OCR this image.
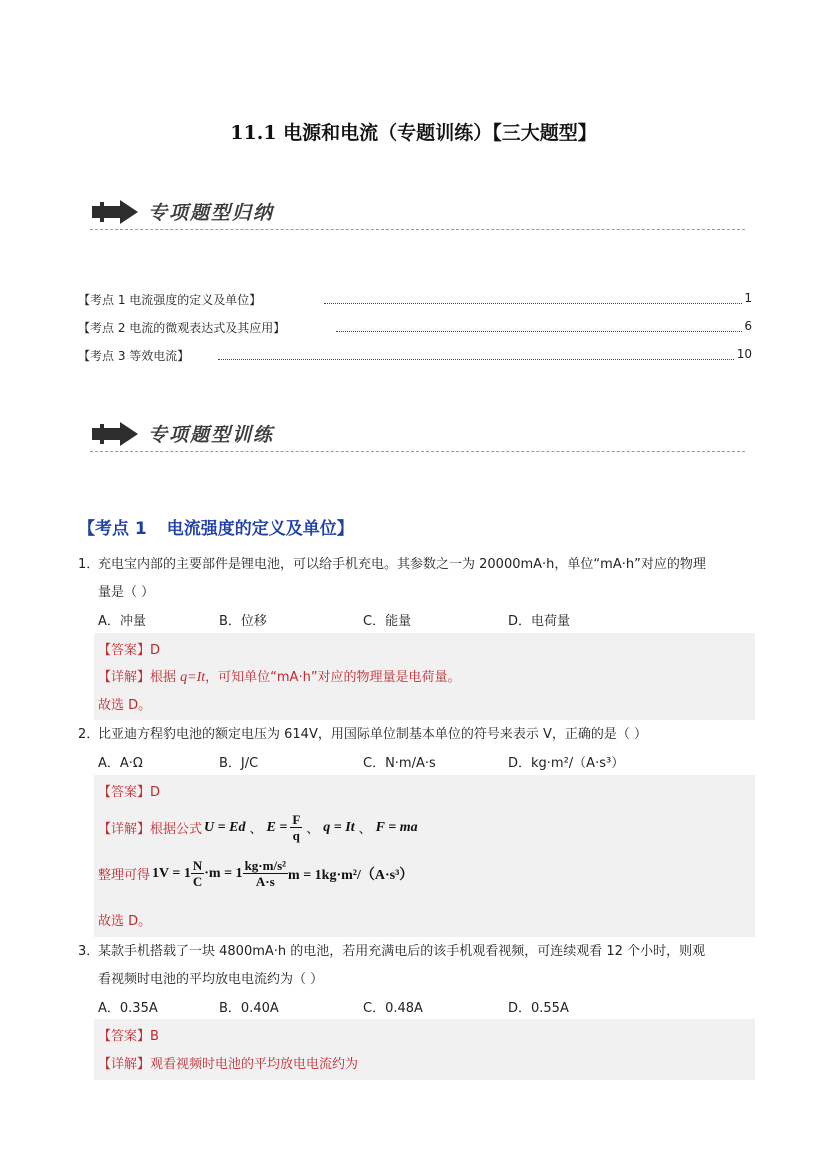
11.1 电源和电流（专题训练）【三大题型】
专项题型归纳
【考点 1 电流强度的定义及单位】	1
【考点 2 电流的微观表达式及其应用】	6
【考点 3 等效电流】	10
专项题型训练
【考点 1 电流强度的定义及单位】
1．
充电宝内部的主要部件是锂电池，可以给手机充电。其参数之一为 20000mA·h，单位“mA·h”对应的物理
量是（ ）
A．冲量	B．位移	C．能量	D．电荷量
【答案】D
【详解】根据 q=It，可知单位“mA·h”对应的物理量是电荷量。
故选 D。
2．
比亚迪方程豹电池的额定电压为 614V，用国际单位制基本单位的符号来表示 V，正确的是（ ）
A．A·Ω	B．J/C	C．N·m/A·s	D．kg·m²/（A·s³）
【答案】D
【详解】 根据公式 U = Ed 、 $E = \frac{F}{q}$ 、 q = It 、 F = ma
整理可得 $1V = 1 \frac{N}{C} \cdot m = 1 \frac{\text{kg·m/s²}}{A\cdot s}$ m = 1kg·m²/（A·s³）
故选 D。
3．
某款手机搭载了一块 4800mA·h 的电池，若用充满电后的该手机观看视频，可连续观看 12 个小时，则观
看视频时电池的平均放电电流约为（ ）
A．0.35A	B．0.40A	C．0.48A	D．0.55A
【答案】B
【详解】观看视频时电池的平均放电电流约为
